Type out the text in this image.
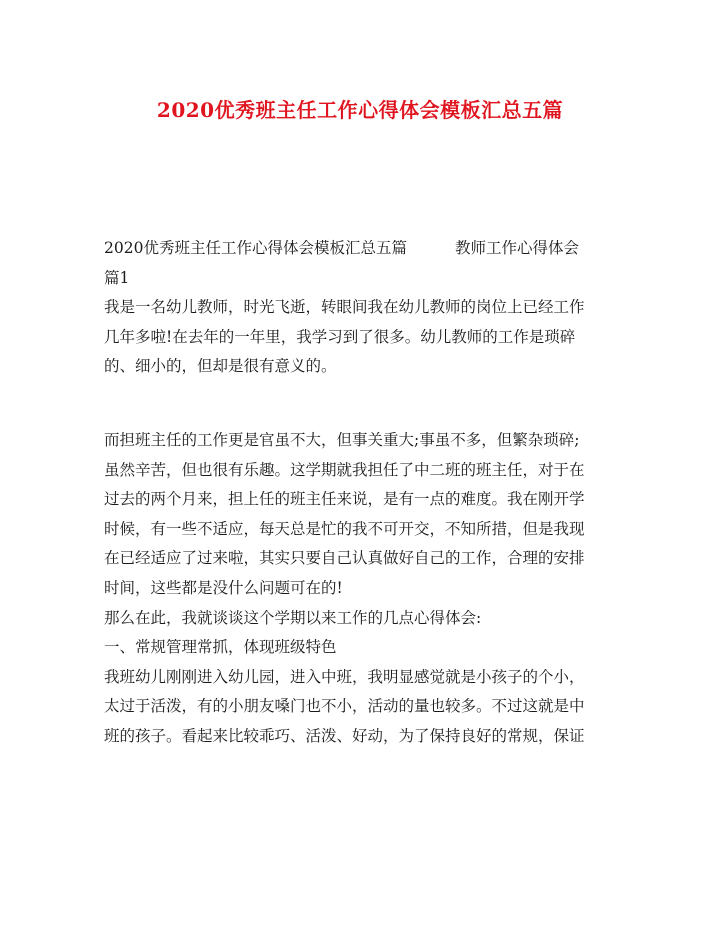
2020优秀班主任工作心得体会模板汇总五篇
2020优秀班主任工作心得体会模板汇总五篇	教师工作心得体会
篇1
我是一名幼儿教师，时光飞逝，转眼间我在幼儿教师的岗位上已经工作
几年多啦!在去年的一年里，我学习到了很多。幼儿教师的工作是琐碎
的、细小的，但却是很有意义的。
而担班主任的工作更是官虽不大，但事关重大;事虽不多，但繁杂琐碎;
虽然辛苦，但也很有乐趣。这学期就我担任了中二班的班主任，对于在
过去的两个月来，担上任的班主任来说，是有一点的难度。我在刚开学
时候，有一些不适应，每天总是忙的我不可开交，不知所措，但是我现
在已经适应了过来啦，其实只要自己认真做好自己的工作，合理的安排
时间，这些都是没什么问题可在的!
那么在此，我就谈谈这个学期以来工作的几点心得体会:
一、常规管理常抓，体现班级特色
我班幼儿刚刚进入幼儿园，进入中班，我明显感觉就是小孩子的个小，
太过于活泼，有的小朋友嗓门也不小，活动的量也较多。不过这就是中
班的孩子。看起来比较乖巧、活泼、好动，为了保持良好的常规，保证
